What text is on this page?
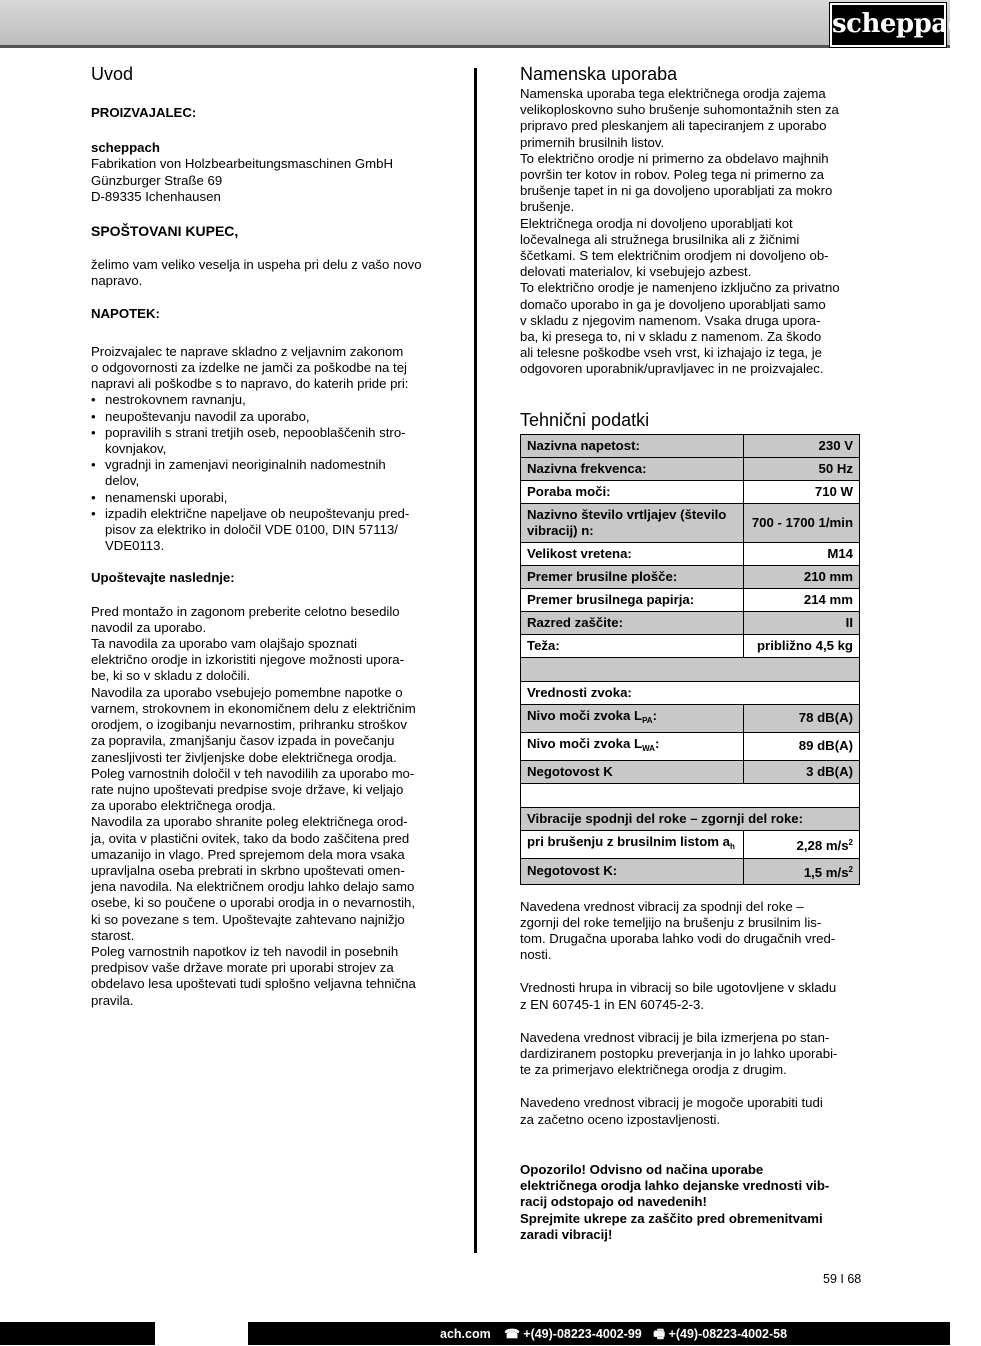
scheppach
Uvod
PROIZVAJALEC:
scheppach
Fabrikation von Holzbearbeitungsmaschinen GmbH
Günzburger Straße 69
D-89335 Ichenhausen
SPOŠTOVANI KUPEC,
želimo vam veliko veselja in uspeha pri delu z vašo novo
napravo.
NAPOTEK:
Proizvajalec te naprave skladno z veljavnim zakonom
o odgovornosti za izdelke ne jamči za poškodbe na tej
napravi ali poškodbe s to napravo, do katerih pride pri:
• nestrokovnem ravnanju,
• neupoštevanju navodil za uporabo,
• popravilih s strani tretjih oseb, nepooblaščenih stro-
kovnjakov,
• vgradnji in zamenjavi neoriginalnih nadomestnih
delov,
• nenamenski uporabi,
• izpadih električne napeljave ob neupoštevanju pred-
pisov za elektriko in določil VDE 0100, DIN 57113/
VDE0113.
Upoštevajte naslednje:
Pred montažo in zagonom preberite celotno besedilo
navodil za uporabo.
Ta navodila za uporabo vam olajšajo spoznati
električno orodje in izkoristiti njegove možnosti upora-
be, ki so v skladu z določili.
Navodila za uporabo vsebujejo pomembne napotke o
varnem, strokovnem in ekonomičnem delu z električnim
orodjem, o izogibanju nevarnostim, prihranku stroškov
za popravila, zmanjšanju časov izpada in povečanju
zanesljivosti ter življenjske dobe električnega orodja.
Poleg varnostnih določil v teh navodilih za uporabo mo-
rate nujno upoštevati predpise svoje države, ki veljajo
za uporabo električnega orodja.
Navodila za uporabo shranite poleg električnega orod-
ja, ovita v plastični ovitek, tako da bodo zaščitena pred
umazanijo in vlago. Pred sprejemom dela mora vsaka
upravljalna oseba prebrati in skrbno upoštevati omen-
jena navodila. Na električnem orodju lahko delajo samo
osebe, ki so poučene o uporabi orodja in o nevarnostih,
ki so povezane s tem. Upoštevajte zahtevano najnižjo
starost.
Poleg varnostnih napotkov iz teh navodil in posebnih
predpisov vaše države morate pri uporabi strojev za
obdelavo lesa upoštevati tudi splošno veljavna tehnična
pravila.
Namenska uporaba
Namenska uporaba tega električnega orodja zajema
velikoploskovno suho brušenje suhomontažnih sten za
pripravo pred pleskanjem ali tapeciranjem z uporabo
primernih brusilnih listov.
To električno orodje ni primerno za obdelavo majhnih
površin ter kotov in robov. Poleg tega ni primerno za
brušenje tapet in ni ga dovoljeno uporabljati za mokro
brušenje.
Električnega orodja ni dovoljeno uporabljati kot
ločevalnega ali stružnega brusilnika ali z žičnimi
ščetkami. S tem električnim orodjem ni dovoljeno ob-
delovati materialov, ki vsebujejo azbest.
To električno orodje je namenjeno izključno za privatno
domačo uporabo in ga je dovoljeno uporabljati samo
v skladu z njegovim namenom. Vsaka druga upora-
ba, ki presega to, ni v skladu z namenom. Za škodo
ali telesne poškodbe vseh vrst, ki izhajajo iz tega, je
odgovoren uporabnik/upravljavec in ne proizvajalec.
Tehnični podatki
Nazivna napetost:	230 V
Nazivna frekvenca:	50 Hz
Poraba moči:	710 W
Nazivno število vrtljajev (število vibracij) n:	700 - 1700 1/min
Velikost vretena:	M14
Premer brusilne plošče:	210 mm
Premer brusilnega papirja:	214 mm
Razred zaščite:	II
Teža:	približno 4,5 kg

Vrednosti zvoka:	
Nivo moči zvoka $L_{PA}$:	78 dB(A)
Nivo moči zvoka $L_{WA}$:	89 dB(A)
Negotovost K	3 dB(A)

Vibracije spodnji del roke – zgornji del roke:	
pri brušenju z brusilnim listom $a_h$	2,28 $m/s^2$
Negotovost K:	1,5 $m/s^2$
Navedena vrednost vibracij za spodnji del roke –
zgornji del roke temeljijo na brušenju z brusilnim lis-
tom. Drugačna uporaba lahko vodi do drugačnih vred-
nosti.
Vrednosti hrupa in vibracij so bile ugotovljene v skladu
z EN 60745-1 in EN 60745-2-3.
Navedena vrednost vibracij je bila izmerjena po stan-
dardiziranem postopku preverjanja in jo lahko uporabi-
te za primerjavo električnega orodja z drugim.
Navedeno vrednost vibracij je mogoče uporabiti tudi
za začetno oceno izpostavljenosti.
Opozorilo! Odvisno od načina uporabe
električnega orodja lahko dejanske vrednosti vib-
racij odstopajo od navedenih!
Sprejmite ukrepe za zaščito pred obremenitvami
zaradi vibracij!
59 I 68
ach.com ☎ +(49)-08223-4002-99 🖷 +(49)-08223-4002-58
